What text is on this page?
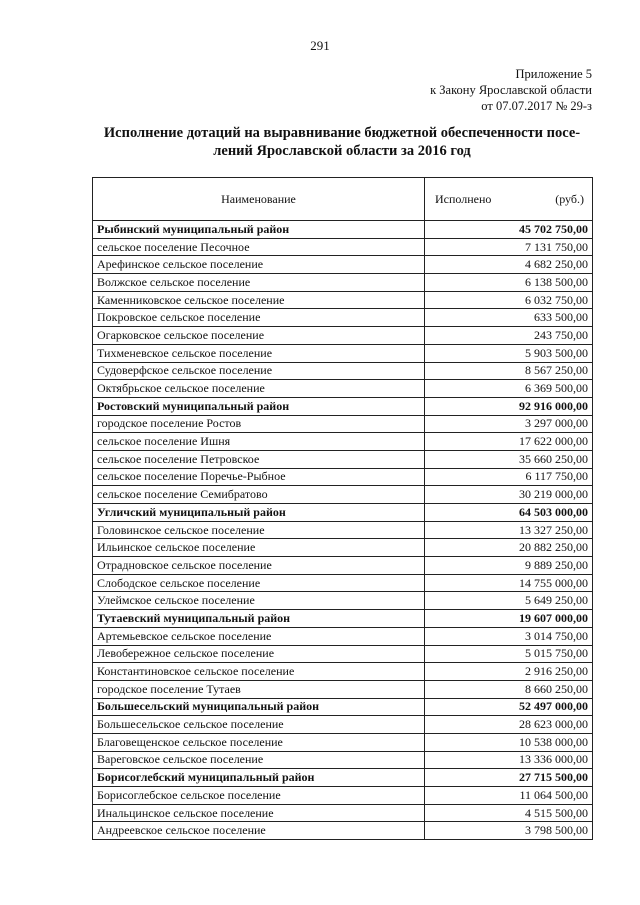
291
Приложение 5
к Закону Ярославской области
от 07.07.2017 № 29-з
Исполнение дотаций на выравнивание бюджетной обеспеченности посе-
лений Ярославской области за 2016 год
Наименование	Исполнено (руб.)

Рыбинский муниципальный район	45 702 750,00
сельское поселение Песочное	7 131 750,00
Арефинское сельское поселение	4 682 250,00
Волжское сельское поселение	6 138 500,00
Каменниковское сельское поселение	6 032 750,00
Покровское сельское поселение	633 500,00
Огарковское сельское поселение	243 750,00
Тихменевское сельское поселение	5 903 500,00
Судоверфское сельское поселение	8 567 250,00
Октябрьское сельское поселение	6 369 500,00
Ростовский муниципальный район	92 916 000,00
городское поселение Ростов	3 297 000,00
сельское поселение Ишня	17 622 000,00
сельское поселение Петровское	35 660 250,00
сельское поселение Поречье-Рыбное	6 117 750,00
сельское поселение Семибратово	30 219 000,00
Угличский муниципальный район	64 503 000,00
Головинское сельское поселение	13 327 250,00
Ильинское сельское поселение	20 882 250,00
Отрадновское сельское поселение	9 889 250,00
Слободское сельское поселение	14 755 000,00
Улеймское сельское поселение	5 649 250,00
Тутаевский муниципальный район	19 607 000,00
Артемьевское сельское поселение	3 014 750,00
Левобережное сельское поселение	5 015 750,00
Константиновское сельское поселение	2 916 250,00
городское поселение Тутаев	8 660 250,00
Большесельский муниципальный район	52 497 000,00
Большесельское сельское поселение	28 623 000,00
Благовещенское сельское поселение	10 538 000,00
Вареговское сельское поселение	13 336 000,00
Борисоглебский муниципальный район	27 715 500,00
Борисоглебское сельское поселение	11 064 500,00
Инальцинское сельское поселение	4 515 500,00
Андреевское сельское поселение	3 798 500,00
